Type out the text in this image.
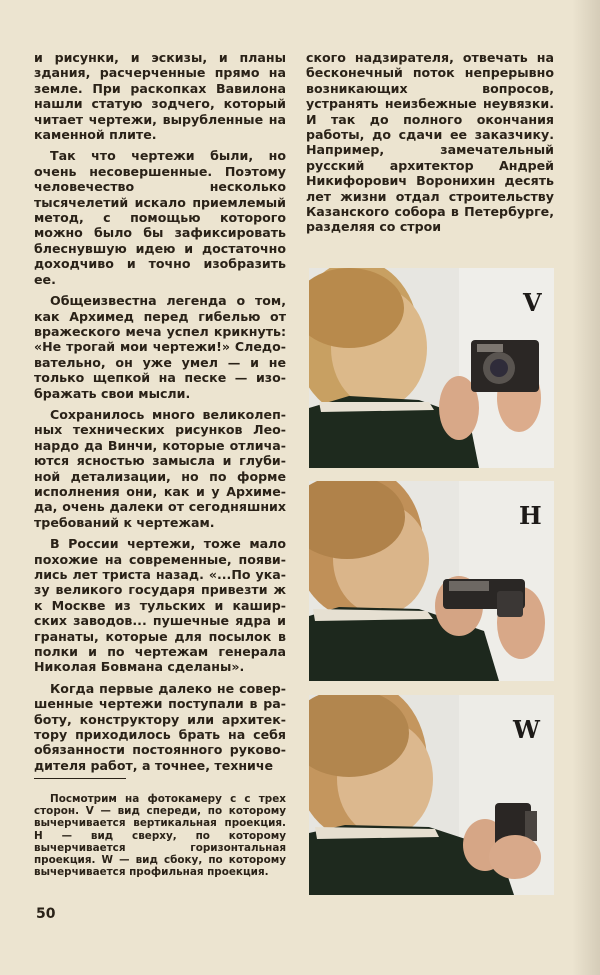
и рисунки, и эскизы, и планы здания, расчерченные прямо на земле. При раскопках Вавилона нашли статую зодчего, который читает чертежи, вырубленные на каменной плите.

Так что чертежи были, но очень несовершенные. Поэтому человечество несколько тысячелетий искало приемлемый метод, с помощью которого можно было бы зафиксировать блеснувшую идею и достаточно доходчиво и точно изобразить ее.

Общеизвестна легенда о том, как Архимед перед гибелью от вражеского меча успел крикнуть: «Не трогай мои чертежи!» Следовательно, он уже умел — и не только щепкой на песке — изображать свои мысли.

Сохранилось много великолепных технических рисунков Леонардо да Винчи, которые отличаются ясностью замысла и глубиной детализации, но по форме исполнения они, как и у Архимеда, очень далеки от сегодняшних требований к чертежам.

В России чертежи, тоже мало похожие на современные, появились лет триста назад. «...По указу великого государя привезти ж к Москве из тульских и каширских заводов... пушечные ядра и гранаты, которые для посылок в полки и по чертежам генерала Николая Бовмана сделаны».

Когда первые далеко не совершенные чертежи поступали в работу, конструктору или архитектору приходилось брать на себя обязанности постоянного руководителя работ, а точнее, техниче

ского надзирателя, отвечать на бесконечный поток непрерывно возникающих вопросов, устранять неизбежные неувязки. И так до полного окончания работы, до сдачи ее заказчику. Например, замечательный русский архитектор Андрей Никифорович Воронихин десять лет жизни отдал строительству Казанского собора в Петербурге, разделяя со строи

V
H
W
Посмотрим на фотокамеру с с трех сторон. V — вид спереди, по которому вычерчивается вертикальная проекция. Н — вид сверху, по которому вычерчивается горизонтальная проекция. W — вид сбоку, по которому вычерчивается профильная проекция.
50
